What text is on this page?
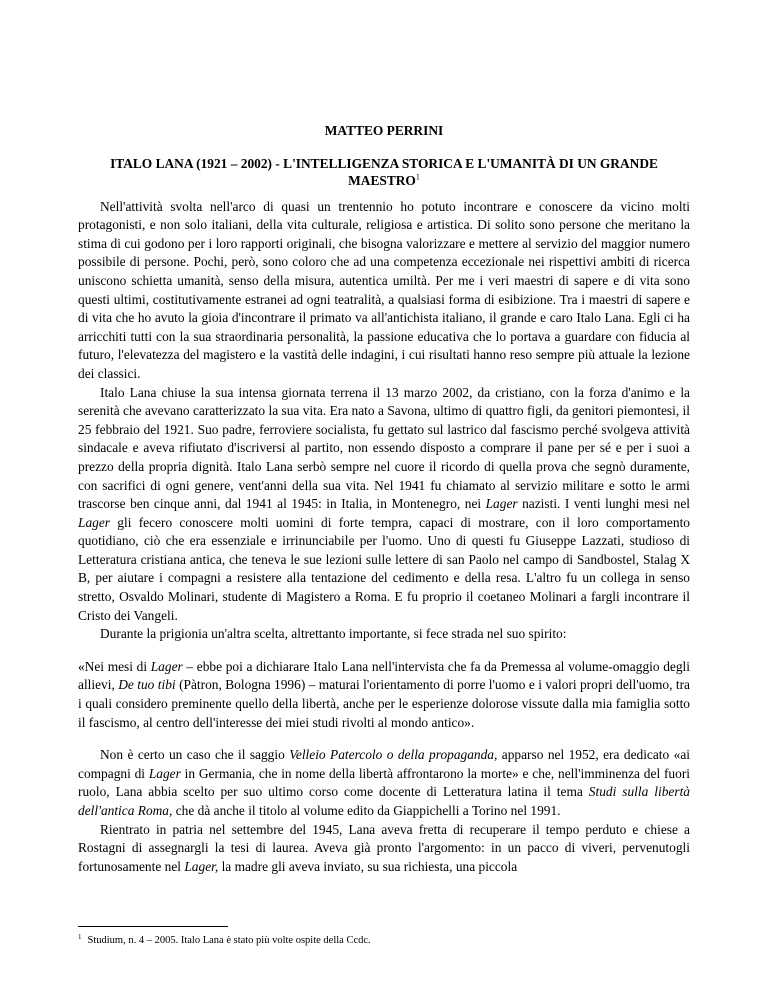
MATTEO PERRINI
ITALO LANA (1921 – 2002) - L'INTELLIGENZA STORICA E L'UMANITÀ DI UN GRANDE MAESTRO$^1$

Nell'attività svolta nell'arco di quasi un trentennio ho potuto incontrare e conoscere da vicino molti protagonisti, e non solo italiani, della vita culturale, religiosa e artistica. Di solito sono persone che meritano la stima di cui godono per i loro rapporti originali, che bisogna valorizzare e mettere al servizio del maggior numero possibile di persone. Pochi, però, sono coloro che ad una competenza eccezionale nei rispettivi ambiti di ricerca uniscono schietta umanità, senso della misura, autentica umiltà. Per me i veri maestri di sapere e di vita sono questi ultimi, costitutivamente estranei ad ogni teatralità, a qualsiasi forma di esibizione. Tra i maestri di sapere e di vita che ho avuto la gioia d'incontrare il primato va all'antichista italiano, il grande e caro Italo Lana. Egli ci ha arricchiti tutti con la sua straordinaria personalità, la passione educativa che lo portava a guardare con fiducia al futuro, l'elevatezza del magistero e la vastità delle indagini, i cui risultati hanno reso sempre più attuale la lezione dei classici.

Italo Lana chiuse la sua intensa giornata terrena il 13 marzo 2002, da cristiano, con la forza d'animo e la serenità che avevano caratterizzato la sua vita. Era nato a Savona, ultimo di quattro figli, da genitori piemontesi, il 25 febbraio del 1921. Suo padre, ferroviere socialista, fu gettato sul lastrico dal fascismo perché svolgeva attività sindacale e aveva rifiutato d'iscriversi al partito, non essendo disposto a comprare il pane per sé e per i suoi a prezzo della propria dignità. Italo Lana serbò sempre nel cuore il ricordo di quella prova che segnò duramente, con sacrifici di ogni genere, vent'anni della sua vita. Nel 1941 fu chiamato al servizio militare e sotto le armi trascorse ben cinque anni, dal 1941 al 1945: in Italia, in Montenegro, nei Lager nazisti. I venti lunghi mesi nel Lager gli fecero conoscere molti uomini di forte tempra, capaci di mostrare, con il loro comportamento quotidiano, ciò che era essenziale e irrinunciabile per l'uomo. Uno di questi fu Giuseppe Lazzati, studioso di Letteratura cristiana antica, che teneva le sue lezioni sulle lettere di san Paolo nel campo di Sandbostel, Stalag X B, per aiutare i compagni a resistere alla tentazione del cedimento e della resa. L'altro fu un collega in senso stretto, Osvaldo Molinari, studente di Magistero a Roma. E fu proprio il coetaneo Molinari a fargli incontrare il Cristo dei Vangeli.

Durante la prigionia un'altra scelta, altrettanto importante, si fece strada nel suo spirito:

«Nei mesi di Lager – ebbe poi a dichiarare Italo Lana nell'intervista che fa da Premessa al volume-omaggio degli allievi, De tuo tibi (Pàtron, Bologna 1996) – maturai l'orientamento di porre l'uomo e i valori propri dell'uomo, tra i quali considero preminente quello della libertà, anche per le esperienze dolorose vissute dalla mia famiglia sotto il fascismo, al centro dell'interesse dei miei studi rivolti al mondo antico».

Non è certo un caso che il saggio Velleio Patercolo o della propaganda, apparso nel 1952, era dedicato «ai compagni di Lager in Germania, che in nome della libertà affrontarono la morte» e che, nell'imminenza del fuori ruolo, Lana abbia scelto per suo ultimo corso come docente di Letteratura latina il tema Studi sulla libertà dell'antica Roma, che dà anche il titolo al volume edito da Giappichelli a Torino nel 1991.

Rientrato in patria nel settembre del 1945, Lana aveva fretta di recuperare il tempo perduto e chiese a Rostagni di assegnargli la tesi di laurea. Aveva già pronto l'argomento: in un pacco di viveri, pervenutogli fortunosamente nel Lager, la madre gli aveva inviato, su sua richiesta, una piccola

$^1$ Studium, n. 4 – 2005. Italo Lana è stato più volte ospite della Ccdc.
